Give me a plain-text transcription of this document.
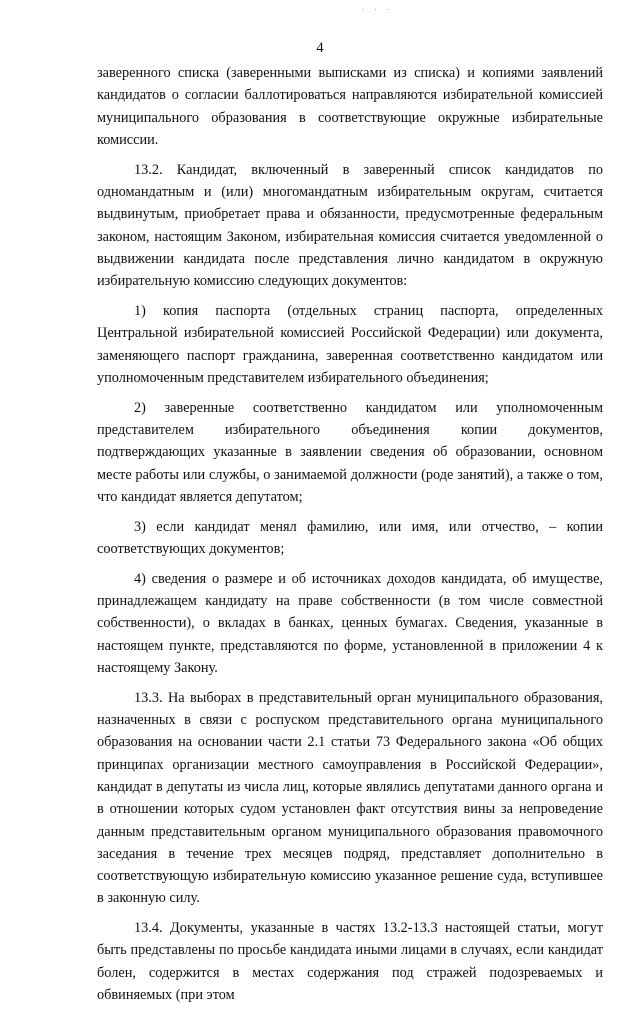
. . .
4

заверенного списка (заверенными выписками из списка) и копиями заявлений кандидатов о согласии баллотироваться направляются избирательной комиссией муниципального образования в соответствующие окружные избирательные комиссии.

13.2. Кандидат, включенный в заверенный список кандидатов по одномандатным и (или) многомандатным избирательным округам, считается выдвинутым, приобретает права и обязанности, предусмотренные федеральным законом, настоящим Законом, избирательная комиссия считается уведомленной о выдвижении кандидата после представления лично кандидатом в окружную избирательную комиссию следующих документов:

1) копия паспорта (отдельных страниц паспорта, определенных Центральной избирательной комиссией Российской Федерации) или документа, заменяющего паспорт гражданина, заверенная соответственно кандидатом или уполномоченным представителем избирательного объединения;

2) заверенные соответственно кандидатом или уполномоченным представителем избирательного объединения копии документов, подтверждающих указанные в заявлении сведения об образовании, основном месте работы или службы, о занимаемой должности (роде занятий), а также о том, что кандидат является депутатом;

3) если кандидат менял фамилию, или имя, или отчество, – копии соответствующих документов;

4) сведения о размере и об источниках доходов кандидата, об имуществе, принадлежащем кандидату на праве собственности (в том числе совместной собственности), о вкладах в банках, ценных бумагах. Сведения, указанные в настоящем пункте, представляются по форме, установленной в приложении 4 к настоящему Закону.

13.3. На выборах в представительный орган муниципального образования, назначенных в связи с роспуском представительного органа муниципального образования на основании части 2.1 статьи 73 Федерального закона «Об общих принципах организации местного самоуправления в Российской Федерации», кандидат в депутаты из числа лиц, которые являлись депутатами данного органа и в отношении которых судом установлен факт отсутствия вины за непроведение данным представительным органом муниципального образования правомочного заседания в течение трех месяцев подряд, представляет дополнительно в соответствующую избирательную комиссию указанное решение суда, вступившее в законную силу.

13.4. Документы, указанные в частях 13.2-13.3 настоящей статьи, могут быть представлены по просьбе кандидата иными лицами в случаях, если кандидат болен, содержится в местах содержания под стражей подозреваемых и обвиняемых (при этом
